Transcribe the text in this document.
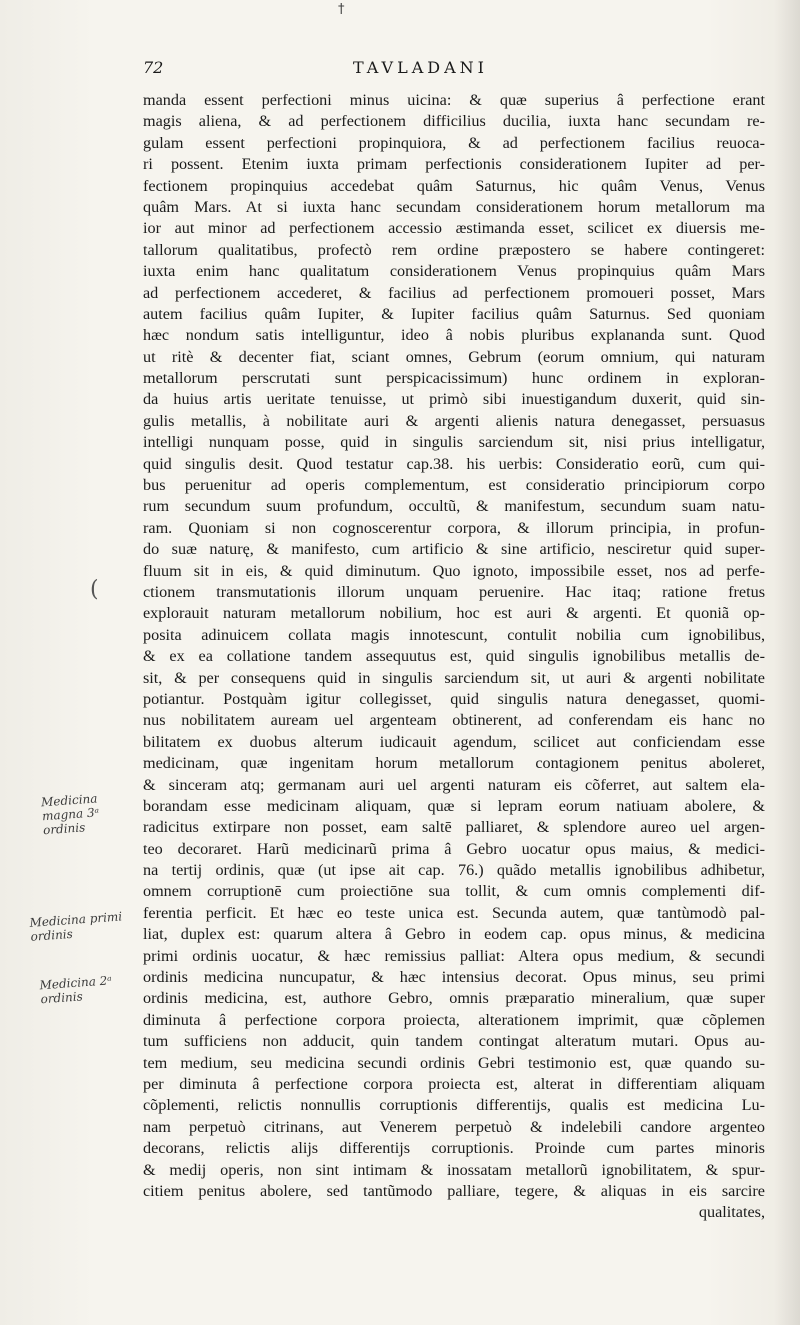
†
72	TAVLADANI
manda essent perfectioni minus uicina: & quæ superius â perfectione erant
magis aliena, & ad perfectionem difficilius ducilia, iuxta hanc secundam re-
gulam essent perfectioni propinquiora, & ad perfectionem facilius reuoca-
ri possent. Etenim iuxta primam perfectionis considerationem Iupiter ad per-
fectionem propinquius accedebat quâm Saturnus, hic quâm Venus, Venus
quâm Mars. At si iuxta hanc secundam considerationem horum metallorum ma
ior aut minor ad perfectionem accessio æstimanda esset, scilicet ex diuersis me-
tallorum qualitatibus, profectò rem ordine præpostero se habere contingeret:
iuxta enim hanc qualitatum considerationem Venus propinquius quâm Mars
ad perfectionem accederet, & facilius ad perfectionem promoueri posset, Mars
autem facilius quâm Iupiter, & Iupiter facilius quâm Saturnus. Sed quoniam
hæc nondum satis intelliguntur, ideo â nobis pluribus explananda sunt. Quod
ut ritè & decenter fiat, sciant omnes, Gebrum (eorum omnium, qui naturam
metallorum perscrutati sunt perspicacissimum) hunc ordinem in exploran-
da huius artis ueritate tenuisse, ut primò sibi inuestigandum duxerit, quid sin-
gulis metallis, à nobilitate auri & argenti alienis natura denegasset, persuasus
intelligi nunquam posse, quid in singulis sarciendum sit, nisi prius intelligatur,
quid singulis desit. Quod testatur cap.38. his uerbis: Consideratio eorũ, cum qui-
bus peruenitur ad operis complementum, est consideratio principiorum corpo
rum secundum suum profundum, occultũ, & manifestum, secundum suam natu-
ram. Quoniam si non cognoscerentur corpora, & illorum principia, in profun-
do suæ naturę, & manifesto, cum artificio & sine artificio, nesciretur quid super-
fluum sit in eis, & quid diminutum. Quo ignoto, impossibile esset, nos ad perfe-
ctionem transmutationis illorum unquam peruenire. Hac itaq; ratione fretus
explorauit naturam metallorum nobilium, hoc est auri & argenti. Et quoniã op-
posita adinuicem collata magis innotescunt, contulit nobilia cum ignobilibus,
& ex ea collatione tandem assequutus est, quid singulis ignobilibus metallis de-
sit, & per consequens quid in singulis sarciendum sit, ut auri & argenti nobilitate
potiantur. Postquàm igitur collegisset, quid singulis natura denegasset, quomi-
nus nobilitatem auream uel argenteam obtinerent, ad conferendam eis hanc no
bilitatem ex duobus alterum iudicauit agendum, scilicet aut conficiendam esse
medicinam, quæ ingenitam horum metallorum contagionem penitus aboleret,
& sinceram atq; germanam auri uel argenti naturam eis cõferret, aut saltem ela-
borandam esse medicinam aliquam, quæ si lepram eorum natiuam abolere, &
radicitus extirpare non posset, eam saltē palliaret, & splendore aureo uel argen-
teo decoraret. Harũ medicinarũ prima â Gebro uocatur opus maius, & medici-
na tertij ordinis, quæ (ut ipse ait cap. 76.) quãdo metallis ignobilibus adhibetur,
omnem corruptionē cum proiectiōne sua tollit, & cum omnis complementi dif-
ferentia perficit. Et hæc eo teste unica est. Secunda autem, quæ tantùmodò pal-
liat, duplex est: quarum altera â Gebro in eodem cap. opus minus, & medicina
primi ordinis uocatur, & hæc remissius palliat: Altera opus medium, & secundi
ordinis medicina nuncupatur, & hæc intensius decorat. Opus minus, seu primi
ordinis medicina, est, authore Gebro, omnis præparatio mineralium, quæ super
diminuta â perfectione corpora proiecta, alterationem imprimit, quæ cõplemen
tum sufficiens non adducit, quin tandem contingat alteratum mutari. Opus au-
tem medium, seu medicina secundi ordinis Gebri testimonio est, quæ quando su-
per diminuta â perfectione corpora proiecta est, alterat in differentiam aliquam
cõplementi, relictis nonnullis corruptionis differentijs, qualis est medicina Lu-
nam perpetuò citrinans, aut Venerem perpetuò & indelebili candore argenteo
decorans, relictis alijs differentijs corruptionis. Proinde cum partes minoris
& medij operis, non sint intimam & inossatam metallorũ ignobilitatem, & spur-
citiem penitus abolere, sed tantũmodo palliare, tegere, & aliquas in eis sarcire
qualitates,
(
Medicina magna 3ᵃ ordinis
Medicina primi ordinis
Medicina 2ᵃ ordinis
